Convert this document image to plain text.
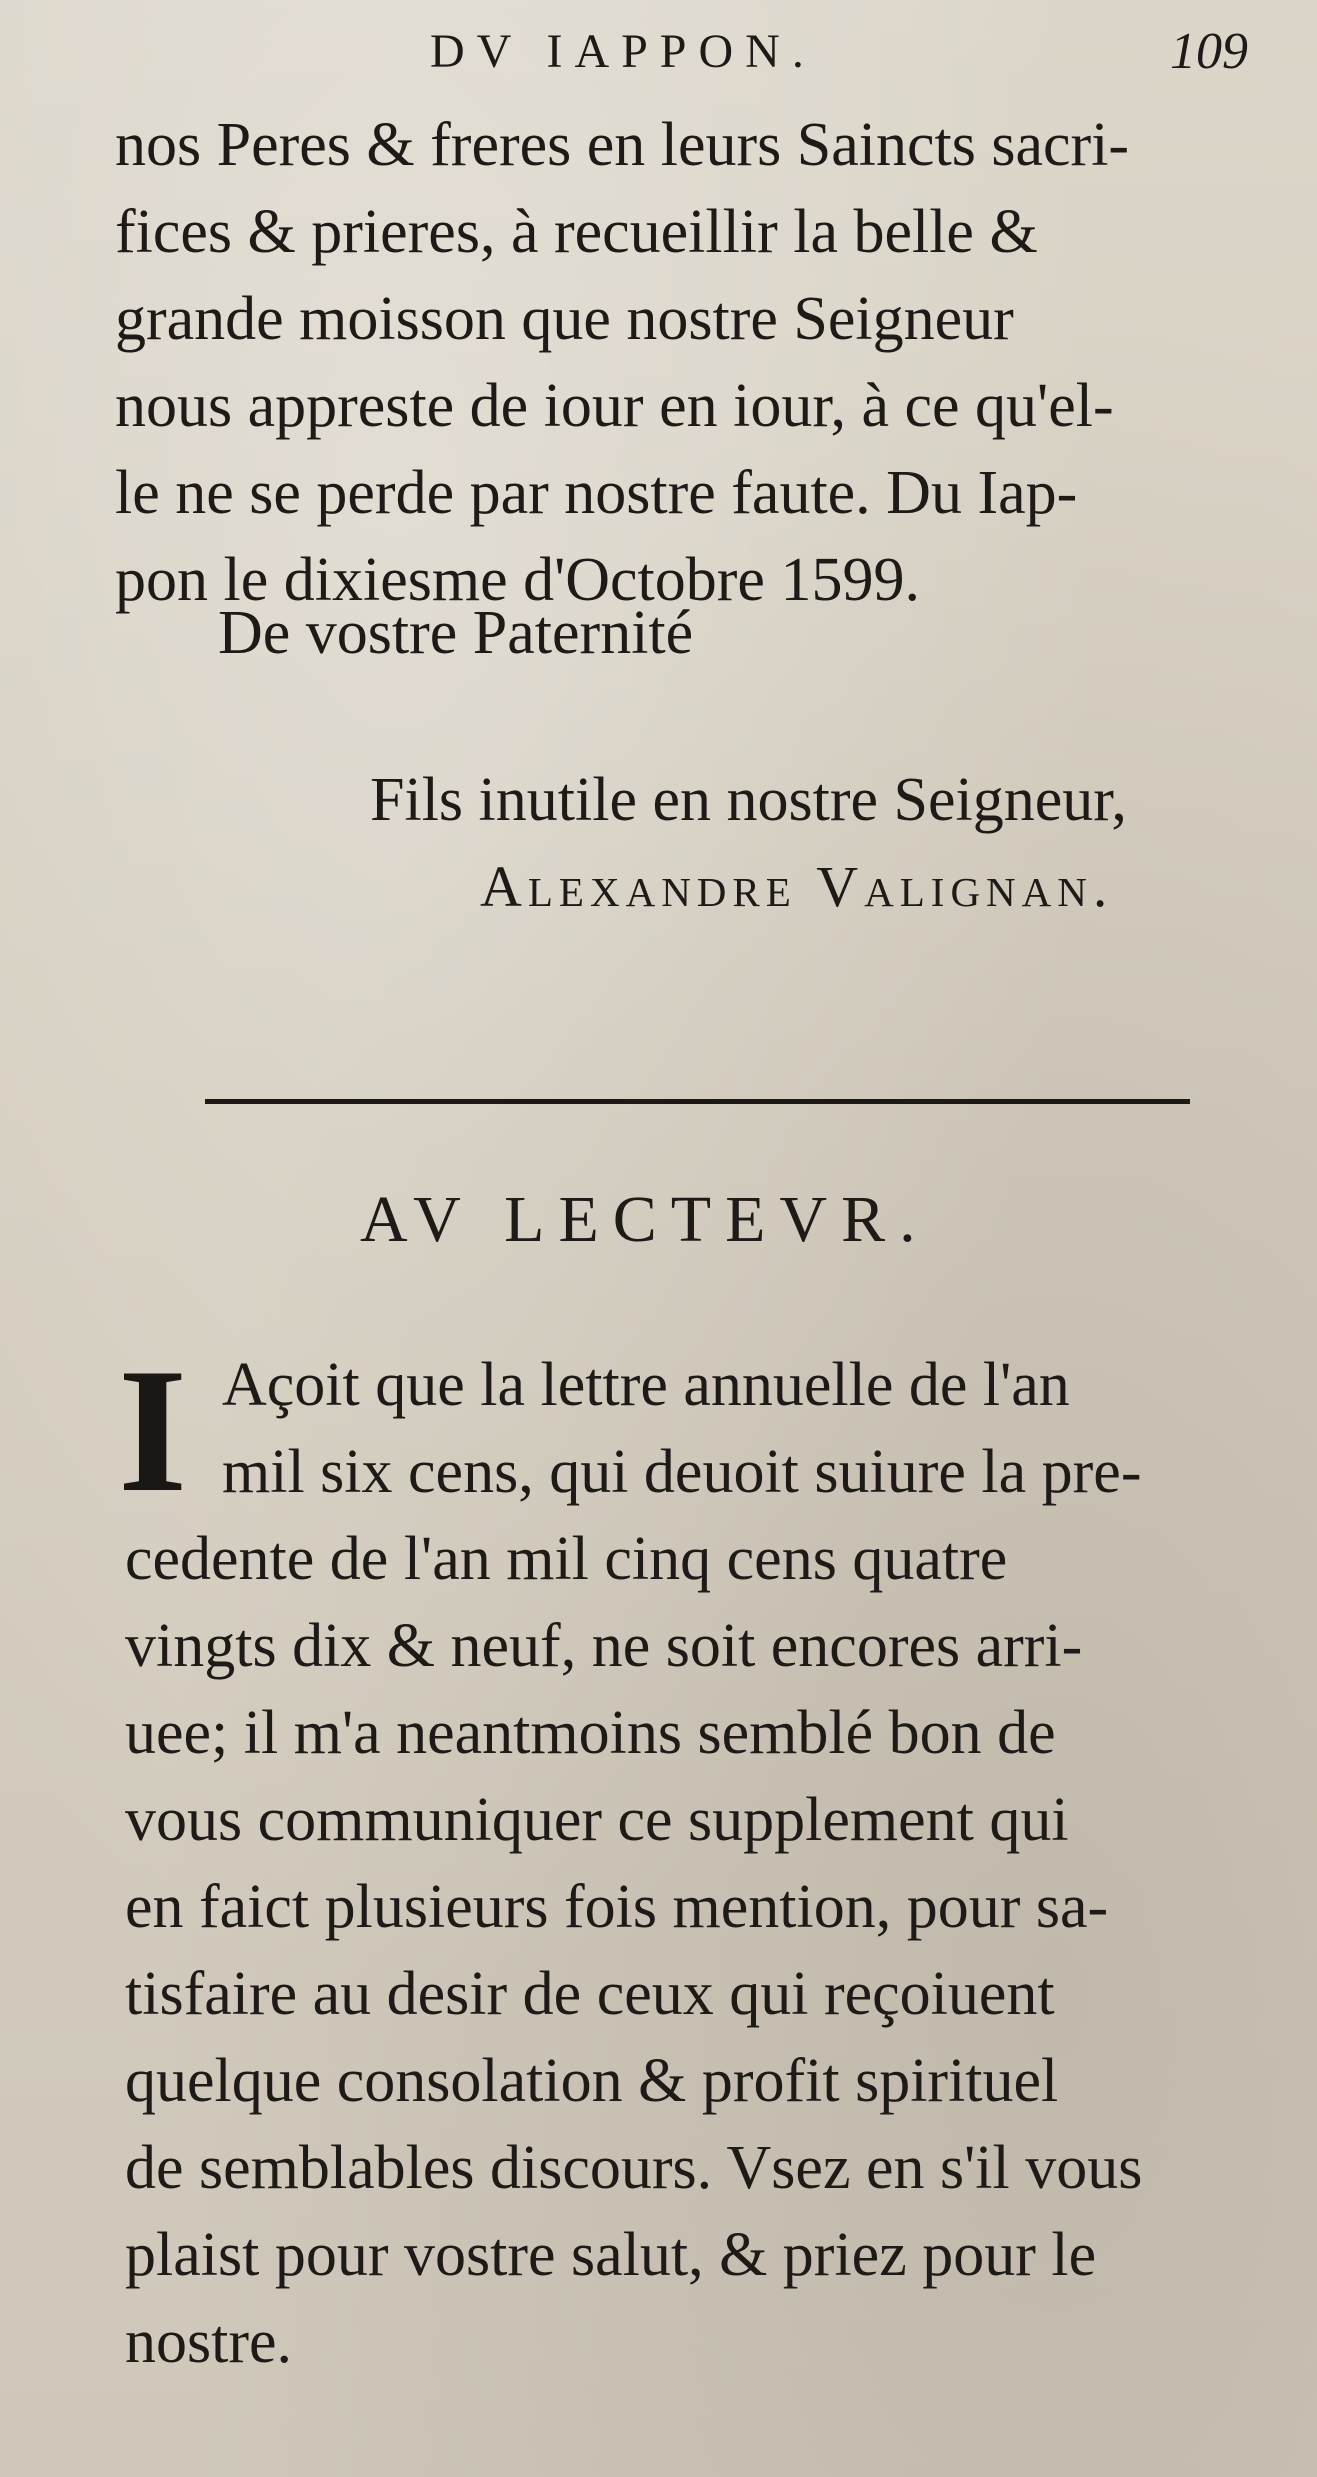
DV IAPPON.	109
nos Peres & freres en leurs Saincts sacri-
fices & prieres, à recueillir la belle &
grande moisson que nostre Seigneur
nous appreste de iour en iour, à ce qu'el-
le ne se perde par nostre faute. Du Iap-
pon le dixiesme d'Octobre 1599.
De vostre Paternité
Fils inutile en nostre Seigneur,
Alexandre Valignan.
AV LECTEVR.
I Açoit que la lettre annuelle de l'an
mil six cens, qui deuoit suiure la pre-
cedente de l'an mil cinq cens quatre
vingts dix & neuf, ne soit encores arri-
uee; il m'a neantmoins semblé bon de
vous communiquer ce supplement qui
en faict plusieurs fois mention, pour sa-
tisfaire au desir de ceux qui reçoiuent
quelque consolation & profit spirituel
de semblables discours. Vsez en s'il vous
plaist pour vostre salut, & priez pour le
nostre.
